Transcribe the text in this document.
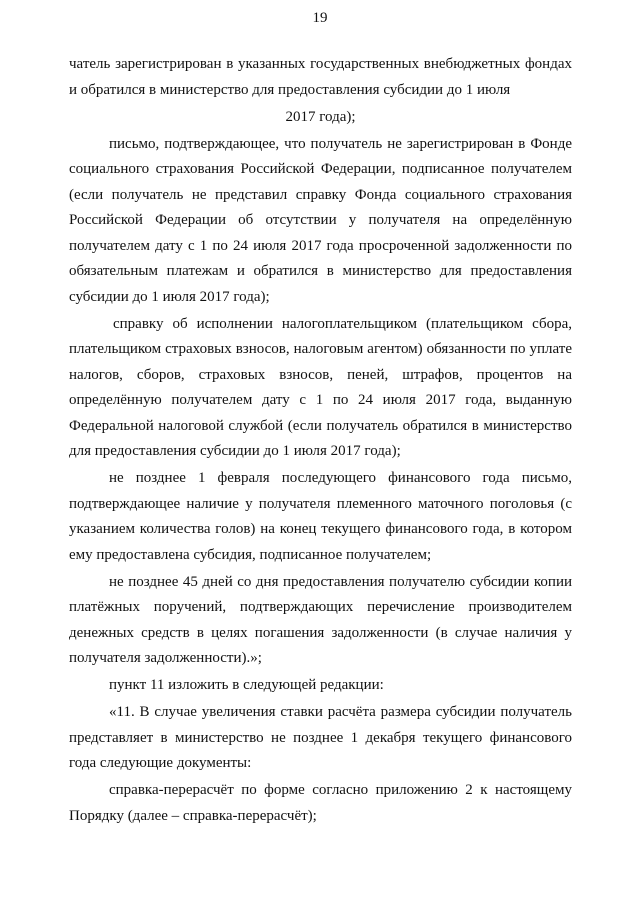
19

чатель зарегистрирован в указанных государственных внебюджетных фондах и обратился в министерство для предоставления субсидии до 1 июля

2017 года);

письмо, подтверждающее, что получатель не зарегистрирован в Фонде социального страхования Российской Федерации, подписанное получателем (если получатель не представил справку Фонда социального страхования Российской Федерации об отсутствии у получателя на определённую получателем дату с 1 по 24 июля 2017 года просроченной задолженности по обязательным платежам и обратился в министерство для предоставления субсидии до 1 июля 2017 года);

справку об исполнении налогоплательщиком (плательщиком сбора, плательщиком страховых взносов, налоговым агентом) обязанности по уплате налогов, сборов, страховых взносов, пеней, штрафов, процентов на определённую получателем дату с 1 по 24 июля 2017 года, выданную Федеральной налоговой службой (если получатель обратился в министерство для предоставления субсидии до 1 июля 2017 года);

не позднее 1 февраля последующего финансового года письмо, подтверждающее наличие у получателя племенного маточного поголовья (с указанием количества голов) на конец текущего финансового года, в котором ему предоставлена субсидия, подписанное получателем;

не позднее 45 дней со дня предоставления получателю субсидии копии платёжных поручений, подтверждающих перечисление производителем денежных средств в целях погашения задолженности (в случае наличия у получателя задолженности).»;

пункт 11 изложить в следующей редакции:

«11. В случае увеличения ставки расчёта размера субсидии получатель представляет в министерство не позднее 1 декабря текущего финансового года следующие документы:

справка-перерасчёт по форме согласно приложению 2 к настоящему Порядку (далее – справка-перерасчёт);
